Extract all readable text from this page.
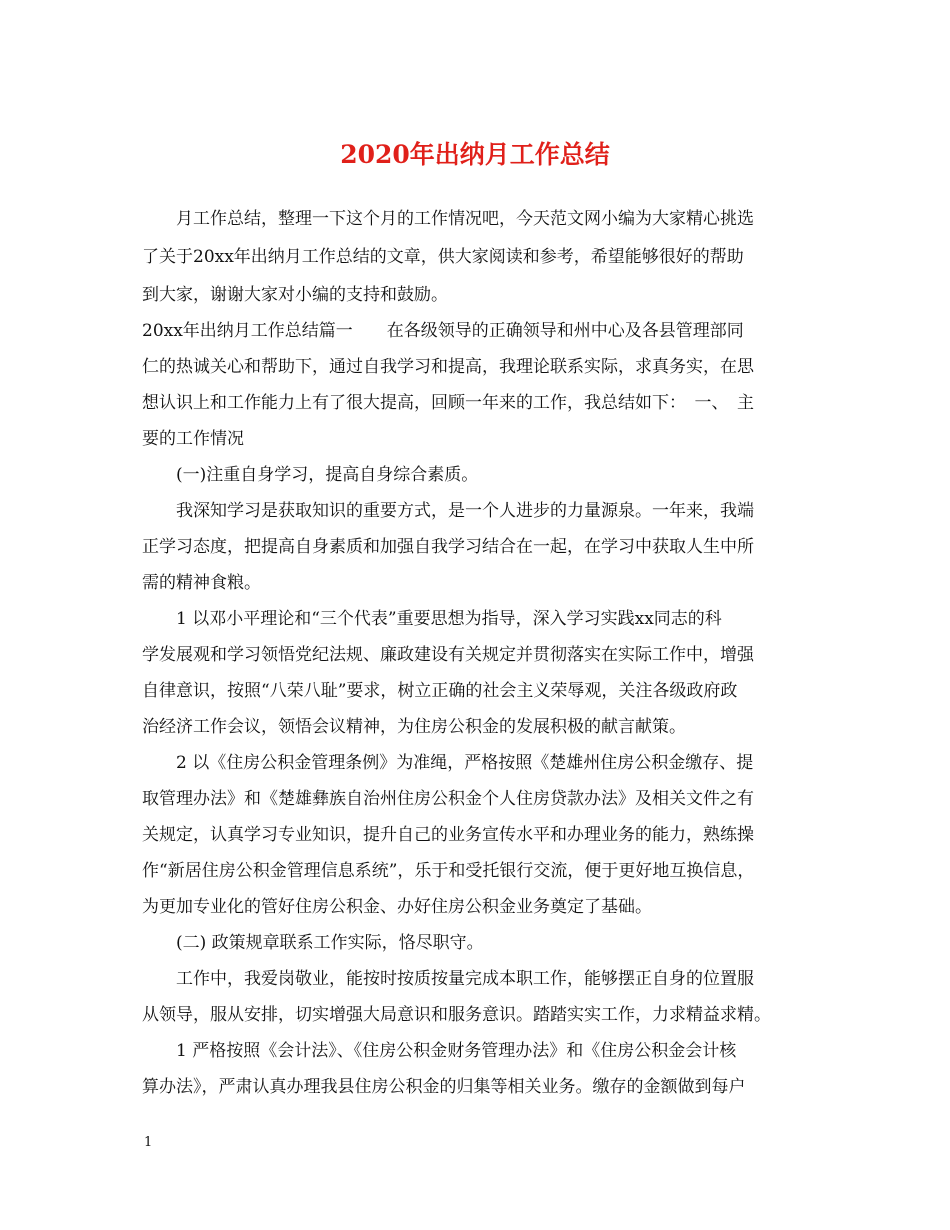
2020年出纳月工作总结
　　月工作总结，整理一下这个月的工作情况吧，今天范文网小编为大家精心挑选
了关于20xx年出纳月工作总结的文章，供大家阅读和参考，希望能够很好的帮助
到大家，谢谢大家对小编的支持和鼓励。
20xx年出纳月工作总结篇一　　在各级领导的正确领导和州中心及各县管理部同
仁的热诚关心和帮助下，通过自我学习和提高，我理论联系实际，求真务实，在思
想认识上和工作能力上有了很大提高，回顾一年来的工作，我总结如下：　一、　主
要的工作情况
　　(一)注重自身学习，提高自身综合素质。
　　我深知学习是获取知识的重要方式，是一个人进步的力量源泉。一年来，我端
正学习态度，把提高自身素质和加强自我学习结合在一起，在学习中获取人生中所
需的精神食粮。
　　1 以邓小平理论和“三个代表”重要思想为指导，深入学习实践xx同志的科
学发展观和学习领悟党纪法规、廉政建设有关规定并贯彻落实在实际工作中，增强
自律意识，按照“八荣八耻”要求，树立正确的社会主义荣辱观，关注各级政府政
治经济工作会议，领悟会议精神，为住房公积金的发展积极的献言献策。
　　2 以《住房公积金管理条例》为准绳，严格按照《楚雄州住房公积金缴存、提
取管理办法》和《楚雄彝族自治州住房公积金个人住房贷款办法》及相关文件之有
关规定，认真学习专业知识，提升自己的业务宣传水平和办理业务的能力，熟练操
作“新居住房公积金管理信息系统”，乐于和受托银行交流，便于更好地互换信息，
为更加专业化的管好住房公积金、办好住房公积金业务奠定了基础。
　　(二) 政策规章联系工作实际，恪尽职守。
　　工作中，我爱岗敬业，能按时按质按量完成本职工作，能够摆正自身的位置服
从领导，服从安排，切实增强大局意识和服务意识。踏踏实实工作，力求精益求精。
　　1 严格按照《会计法》、《住房公积金财务管理办法》和《住房公积金会计核
算办法》，严肃认真办理我县住房公积金的归集等相关业务。缴存的金额做到每户
1
